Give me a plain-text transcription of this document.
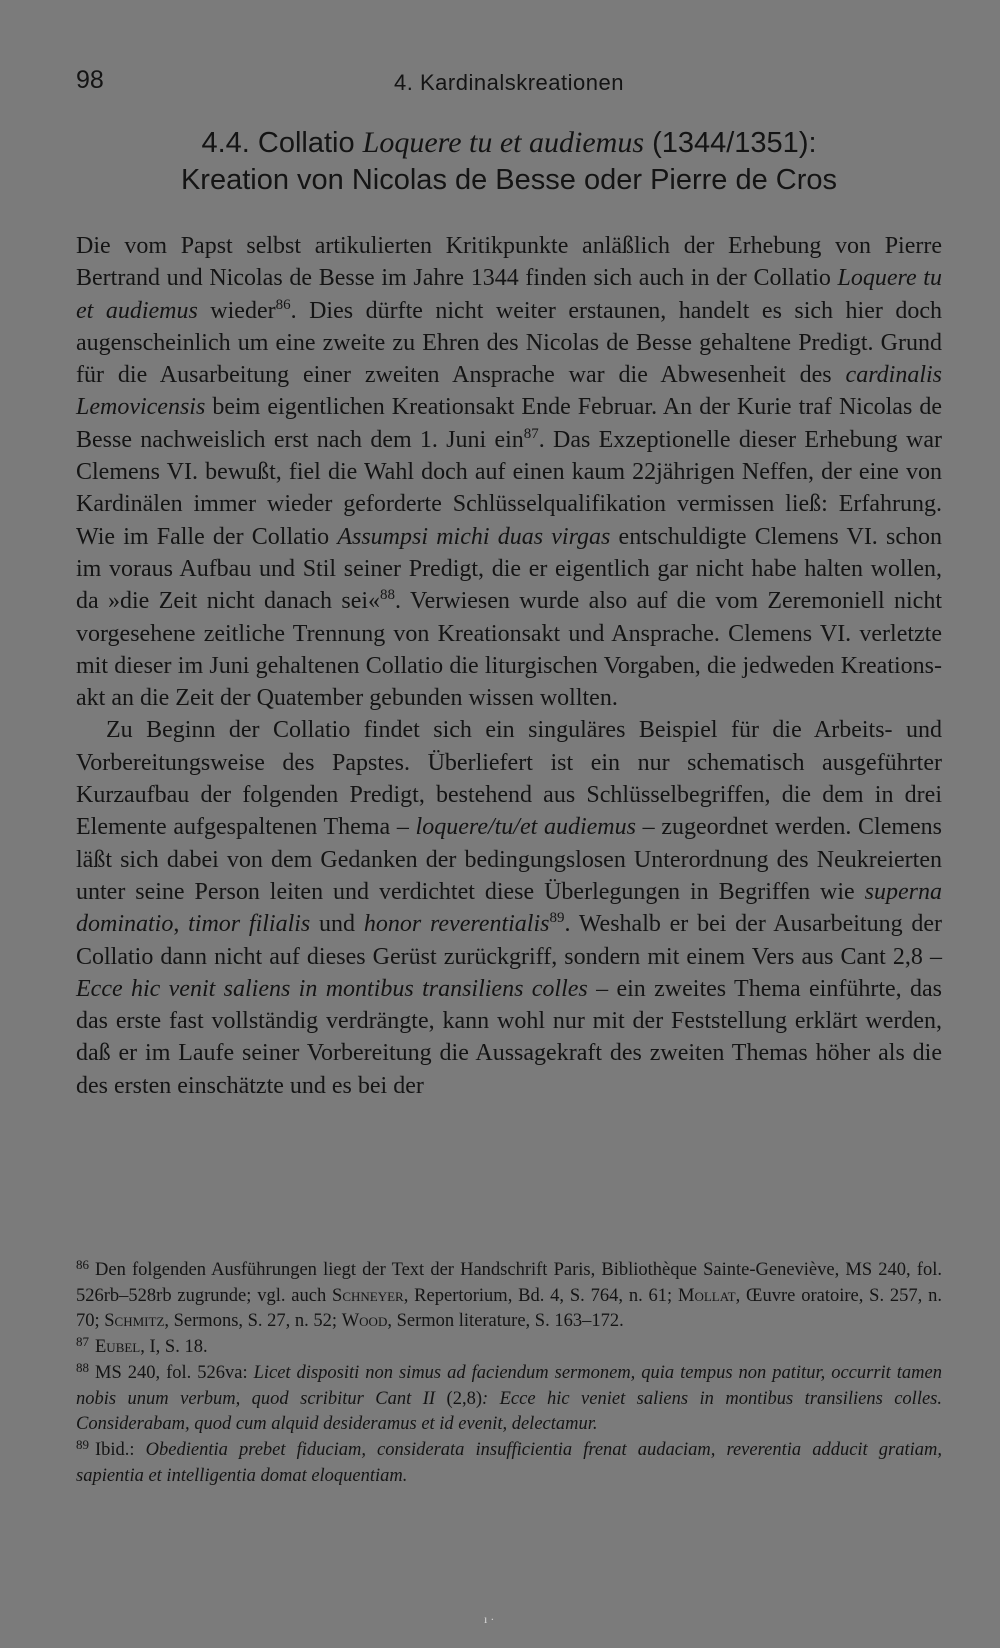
98	4. Kardinalskreationen
4.4. Collatio Loquere tu et audiemus (1344/1351):
Kreation von Nicolas de Besse oder Pierre de Cros

Die vom Papst selbst artikulierten Kritikpunkte anläßlich der Erhebung von Pierre Bertrand und Nicolas de Besse im Jahre 1344 finden sich auch in der Collatio Loquere tu et audiemus wieder$^{86}$. Dies dürfte nicht weiter erstaunen, handelt es sich hier doch augenscheinlich um eine zweite zu Ehren des Nicolas de Besse gehaltene Predigt. Grund für die Ausarbeitung einer zweiten Ansprache war die Abwesenheit des cardinalis Lemovicensis beim eigentlichen Kreationsakt Ende Februar. An der Kurie traf Nicolas de Besse nachweislich erst nach dem 1. Juni ein$^{87}$. Das Exzeptionelle dieser Erhebung war Clemens VI. bewußt, fiel die Wahl doch auf einen kaum 22jährigen Neffen, der eine von Kardinälen immer wieder geforderte Schlüsselqualifikation vermissen ließ: Erfahrung. Wie im Falle der Collatio Assumpsi michi duas virgas entschuldigte Clemens VI. schon im voraus Aufbau und Stil seiner Predigt, die er eigentlich gar nicht habe halten wollen, da »die Zeit nicht danach sei«$^{88}$. Verwiesen wurde also auf die vom Zeremoniell nicht vorgesehene zeitliche Trennung von Kreationsakt und Ansprache. Clemens VI. verletzte mit dieser im Juni gehaltenen Collatio die liturgischen Vorgaben, die jedweden Kreationsakt an die Zeit der Quatember gebunden wissen wollten.

Zu Beginn der Collatio findet sich ein singuläres Beispiel für die Arbeits- und Vorbereitungsweise des Papstes. Überliefert ist ein nur schematisch ausgeführter Kurzaufbau der folgenden Predigt, bestehend aus Schlüsselbegriffen, die dem in drei Elemente aufgespaltenen Thema – loquere/tu/et audiemus – zugeordnet werden. Clemens läßt sich dabei von dem Gedanken der bedingungslosen Unterordnung des Neukreierten unter seine Person leiten und verdichtet diese Überlegungen in Begriffen wie superna dominatio, timor filialis und honor reverentialis$^{89}$. Weshalb er bei der Ausarbeitung der Collatio dann nicht auf dieses Gerüst zurückgriff, sondern mit einem Vers aus Cant 2,8 – Ecce hic venit saliens in montibus transiliens colles – ein zweites Thema einführte, das das erste fast vollständig verdrängte, kann wohl nur mit der Feststellung erklärt werden, daß er im Laufe seiner Vorbereitung die Aussagekraft des zweiten Themas höher als die des ersten einschätzte und es bei der

$^{86}$ Den folgenden Ausführungen liegt der Text der Handschrift Paris, Bibliothèque Sainte-Geneviève, MS 240, fol. 526rb–528rb zugrunde; vgl. auch Schneyer, Repertorium, Bd. 4, S. 764, n. 61; Mollat, Œuvre oratoire, S. 257, n. 70; Schmitz, Sermons, S. 27, n. 52; Wood, Sermon literature, S. 163–172.

$^{87}$ Eubel, I, S. 18.

$^{88}$ MS 240, fol. 526va: Licet dispositi non simus ad faciendum sermonem, quia tempus non patitur, occurrit tamen nobis unum verbum, quod scribitur Cant II (2,8): Ecce hic veniet saliens in montibus transiliens colles. Considerabam, quod cum alquid desideramus et id evenit, delectamur.

$^{89}$ Ibid.: Obedientia prebet fiduciam, considerata insufficientia frenat audaciam, reverentia adducit gratiam, sapientia et intelligentia domat eloquentiam.

ı ·
